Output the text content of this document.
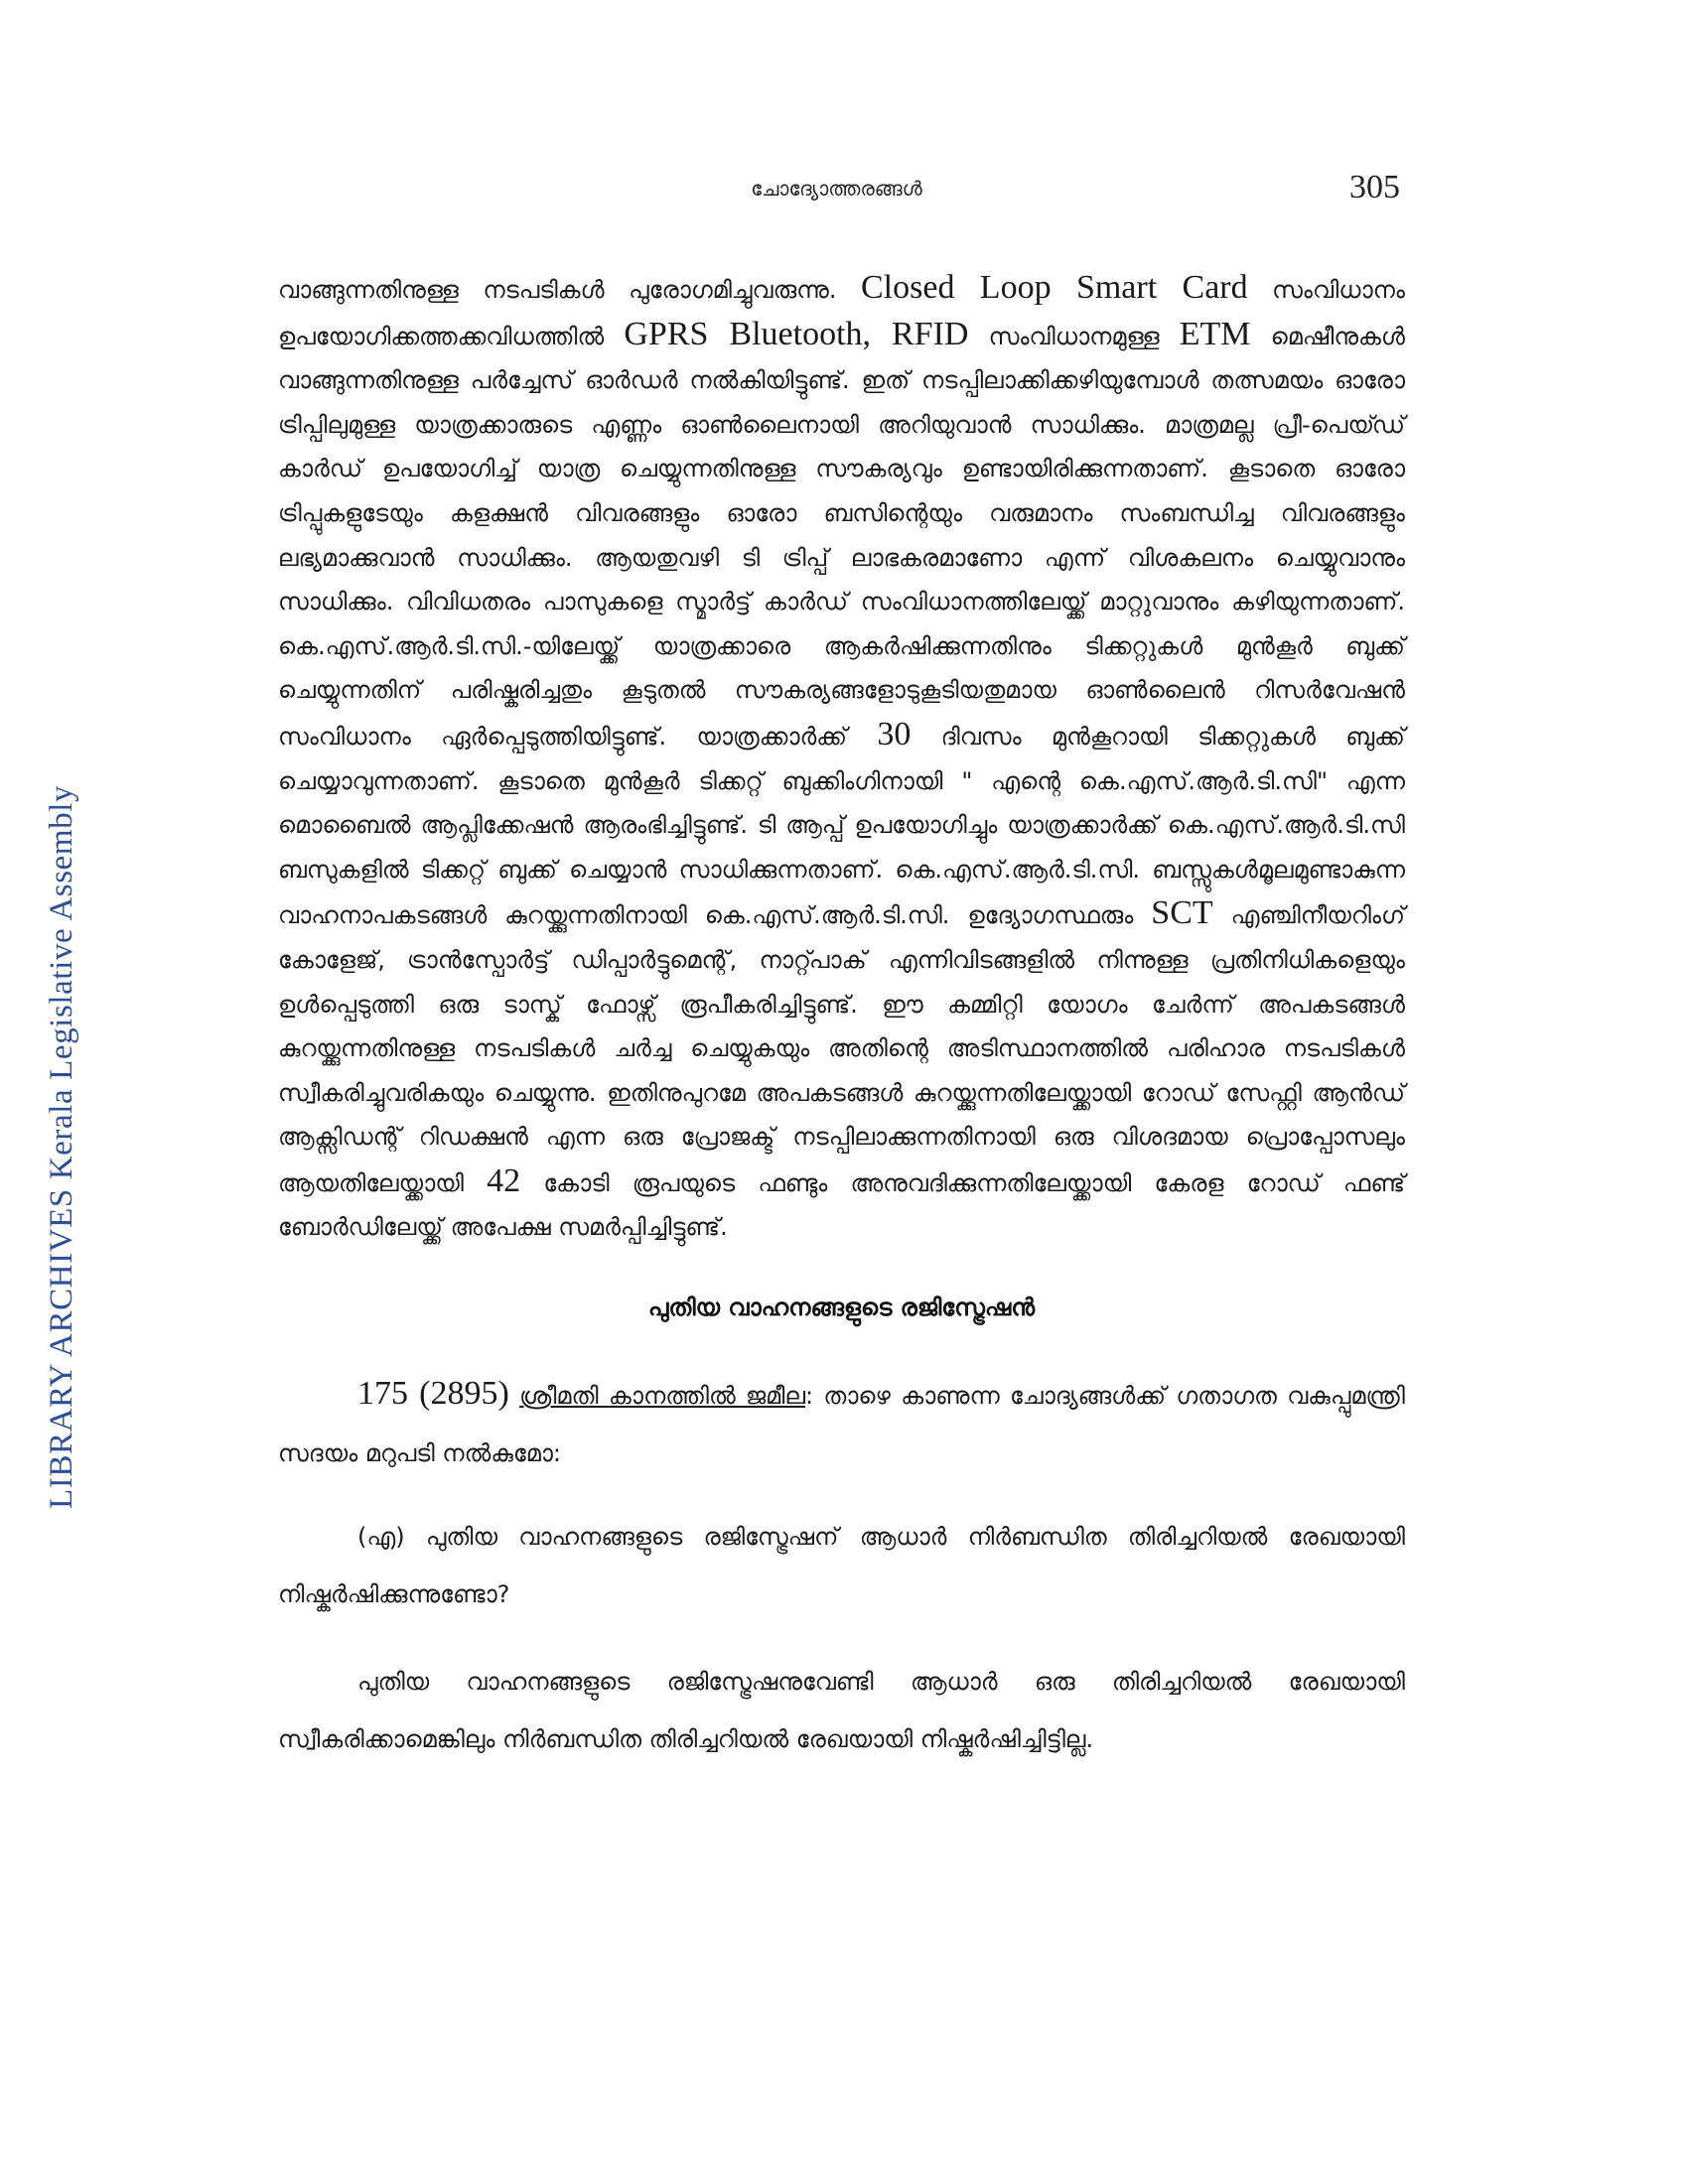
LIBRARY ARCHIVES Kerala Legislative Assembly
ചോദ്യോത്തരങ്ങൾ	305

വാങ്ങുന്നതിനുള്ള നടപടികൾ പുരോഗമിച്ചുവരുന്നു. Closed Loop Smart Card സംവിധാനം ഉപയോഗിക്കത്തക്കവിധത്തിൽ GPRS Bluetooth, RFID സംവിധാനമുള്ള ETM മെഷീനുകൾ വാങ്ങുന്നതിനുള്ള പർച്ചേസ് ഓർഡർ നൽകിയിട്ടുണ്ട്. ഇത് നടപ്പിലാക്കിക്കഴിയുമ്പോൾ തത്സമയം ഓരോ ട്രിപ്പിലുമുള്ള യാത്രക്കാരുടെ എണ്ണം ഓൺലൈനായി അറിയുവാൻ സാധിക്കും. മാത്രമല്ല പ്രീ-പെയ്ഡ് കാർഡ് ഉപയോഗിച്ച് യാത്ര ചെയ്യുന്നതിനുള്ള സൗകര്യവും ഉണ്ടായിരിക്കുന്നതാണ്. കൂടാതെ ഓരോ ട്രിപ്പുകളുടേയും കളക്ഷൻ വിവരങ്ങളും ഓരോ ബസിന്റെയും വരുമാനം സംബന്ധിച്ച വിവരങ്ങളും ലഭ്യമാക്കുവാൻ സാധിക്കും. ആയതുവഴി ടി ട്രിപ്പ് ലാഭകരമാണോ എന്ന് വിശകലനം ചെയ്യുവാനും സാധിക്കും. വിവിധതരം പാസുകളെ സ്മാർട്ട് കാർഡ് സംവിധാനത്തിലേയ്ക്ക് മാറ്റുവാനും കഴിയുന്നതാണ്. കെ.എസ്.ആർ.ടി.സി.-യിലേയ്ക്ക് യാത്രക്കാരെ ആകർഷിക്കുന്നതിനും ടിക്കറ്റുകൾ മുൻകൂർ ബുക്ക് ചെയ്യുന്നതിന് പരിഷ്കരിച്ചതും കൂടുതൽ സൗകര്യങ്ങളോടുകൂടിയതുമായ ഓൺലൈൻ റിസർവേഷൻ സംവിധാനം ഏർപ്പെടുത്തിയിട്ടുണ്ട്. യാത്രക്കാർക്ക് 30 ദിവസം മുൻകൂറായി ടിക്കറ്റുകൾ ബുക്ക് ചെയ്യാവുന്നതാണ്. കൂടാതെ മുൻകൂർ ടിക്കറ്റ് ബുക്കിംഗിനായി " എന്റെ കെ.എസ്.ആർ.ടി.സി" എന്ന മൊബൈൽ ആപ്ലിക്കേഷൻ ആരംഭിച്ചിട്ടുണ്ട്. ടി ആപ്പ് ഉപയോഗിച്ചും യാത്രക്കാർക്ക് കെ.എസ്.ആർ.ടി.സി ബസുകളിൽ ടിക്കറ്റ് ബുക്ക് ചെയ്യാൻ സാധിക്കുന്നതാണ്. കെ.എസ്.ആർ.ടി.സി. ബസ്സുകൾമൂലമുണ്ടാകുന്ന വാഹനാപകടങ്ങൾ കുറയ്ക്കുന്നതിനായി കെ.എസ്.ആർ.ടി.സി. ഉദ്യോഗസ്ഥരും SCT എഞ്ചിനീയറിംഗ് കോളേജ്, ട്രാൻസ്പോർട്ട് ഡിപ്പാർട്ടുമെന്റ്, നാറ്റ്പാക് എന്നിവിടങ്ങളിൽ നിന്നുള്ള പ്രതിനിധികളെയും ഉൾപ്പെടുത്തി ഒരു ടാസ്ക് ഫോഴ്സ് രൂപീകരിച്ചിട്ടുണ്ട്. ഈ കമ്മിറ്റി യോഗം ചേർന്ന് അപകടങ്ങൾ കുറയ്ക്കുന്നതിനുള്ള നടപടികൾ ചർച്ച ചെയ്യുകയും അതിന്റെ അടിസ്ഥാനത്തിൽ പരിഹാര നടപടികൾ സ്വീകരിച്ചുവരികയും ചെയ്യുന്നു. ഇതിനുപുറമേ അപകടങ്ങൾ കുറയ്ക്കുന്നതിലേയ്ക്കായി റോഡ് സേഫ്റ്റി ആൻഡ് ആക്സിഡന്റ് റിഡക്ഷൻ എന്ന ഒരു പ്രോജക്ട് നടപ്പിലാക്കുന്നതിനായി ഒരു വിശദമായ പ്രൊപ്പോസലും ആയതിലേയ്ക്കായി 42 കോടി രൂപയുടെ ഫണ്ടും അനുവദിക്കുന്നതിലേയ്ക്കായി കേരള റോഡ് ഫണ്ട് ബോർഡിലേയ്ക്ക് അപേക്ഷ സമർപ്പിച്ചിട്ടുണ്ട്.

പുതിയ വാഹനങ്ങളുടെ രജിസ്ട്രേഷൻ

175 (2895) ശ്രീമതി കാനത്തിൽ ജമീല: താഴെ കാണുന്ന ചോദ്യങ്ങൾക്ക് ഗതാഗത വകുപ്പുമന്ത്രി സദയം മറുപടി നൽകുമോ:

(എ) പുതിയ വാഹനങ്ങളുടെ രജിസ്ട്രേഷന് ആധാർ നിർബന്ധിത തിരിച്ചറിയൽ രേഖയായി നിഷ്കർഷിക്കുന്നുണ്ടോ?

പുതിയ വാഹനങ്ങളുടെ രജിസ്ട്രേഷനുവേണ്ടി ആധാർ ഒരു തിരിച്ചറിയൽ രേഖയായി സ്വീകരിക്കാമെങ്കിലും നിർബന്ധിത തിരിച്ചറിയൽ രേഖയായി നിഷ്കർഷിച്ചിട്ടില്ല.
